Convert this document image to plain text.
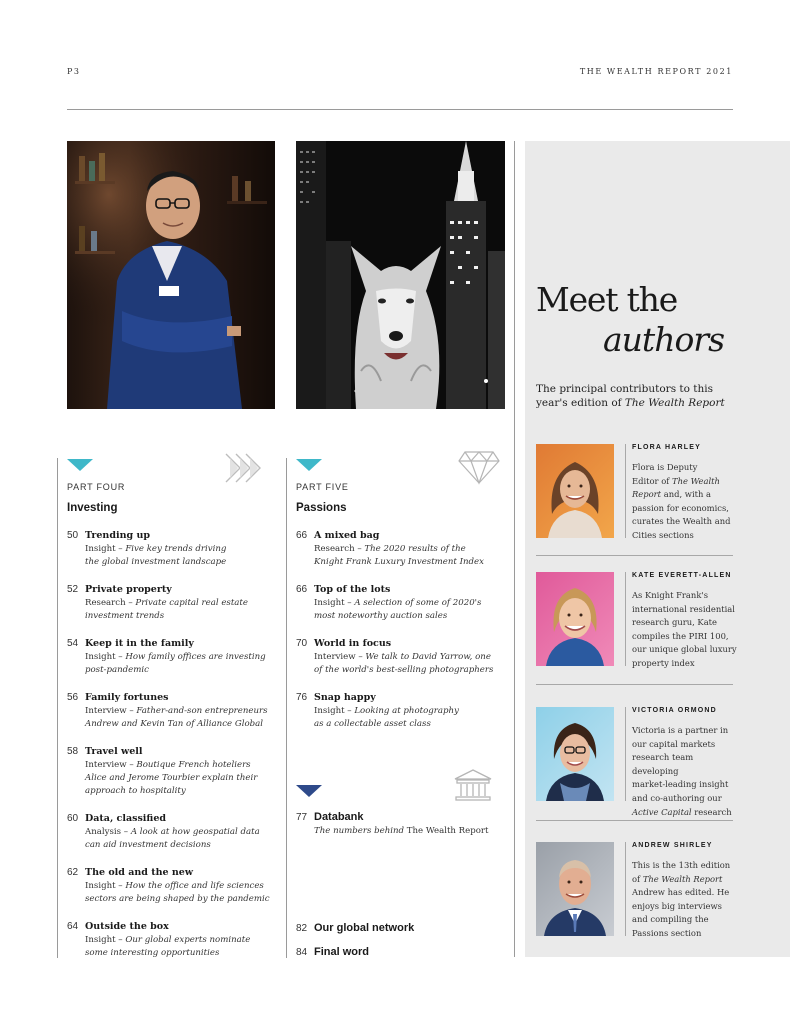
P3	THE WEALTH REPORT 2021
PART FOUR
Investing
50 Trending up
Insight – Five key trends driving
the global investment landscape
52 Private property
Research – Private capital real estate
investment trends
54 Keep it in the family
Insight – How family offices are investing
post-pandemic
56 Family fortunes
Interview – Father-and-son entrepreneurs
Andrew and Kevin Tan of Alliance Global
58 Travel well
Interview – Boutique French hoteliers
Alice and Jerome Tourbier explain their
approach to hospitality
60 Data, classified
Analysis – A look at how geospatial data
can aid investment decisions
62 The old and the new
Insight – How the office and life sciences
sectors are being shaped by the pandemic
64 Outside the box
Insight – Our global experts nominate
some interesting opportunities
PART FIVE
Passions
66 A mixed bag
Research – The 2020 results of the
Knight Frank Luxury Investment Index
66 Top of the lots
Insight – A selection of some of 2020's
most noteworthy auction sales
70 World in focus
Interview – We talk to David Yarrow, one
of the world's best-selling photographers
76 Snap happy
Insight – Looking at photography
as a collectable asset class
77 Databank
The numbers behind The Wealth Report
82 Our global network
84 Final word
Meet the
authors
The principal contributors to this
year's edition of The Wealth Report
FLORA HARLEY
Flora is Deputy
Editor of The Wealth
Report and, with a
passion for economics,
curates the Wealth and
Cities sections
KATE EVERETT-ALLEN
As Knight Frank's
international residential
research guru, Kate
compiles the PIRI 100,
our unique global luxury
property index
VICTORIA ORMOND
Victoria is a partner in
our capital markets
research team developing
market-leading insight
and co-authoring our
Active Capital research
ANDREW SHIRLEY
This is the 13th edition
of The Wealth Report
Andrew has edited. He
enjoys big interviews
and compiling the
Passions section
